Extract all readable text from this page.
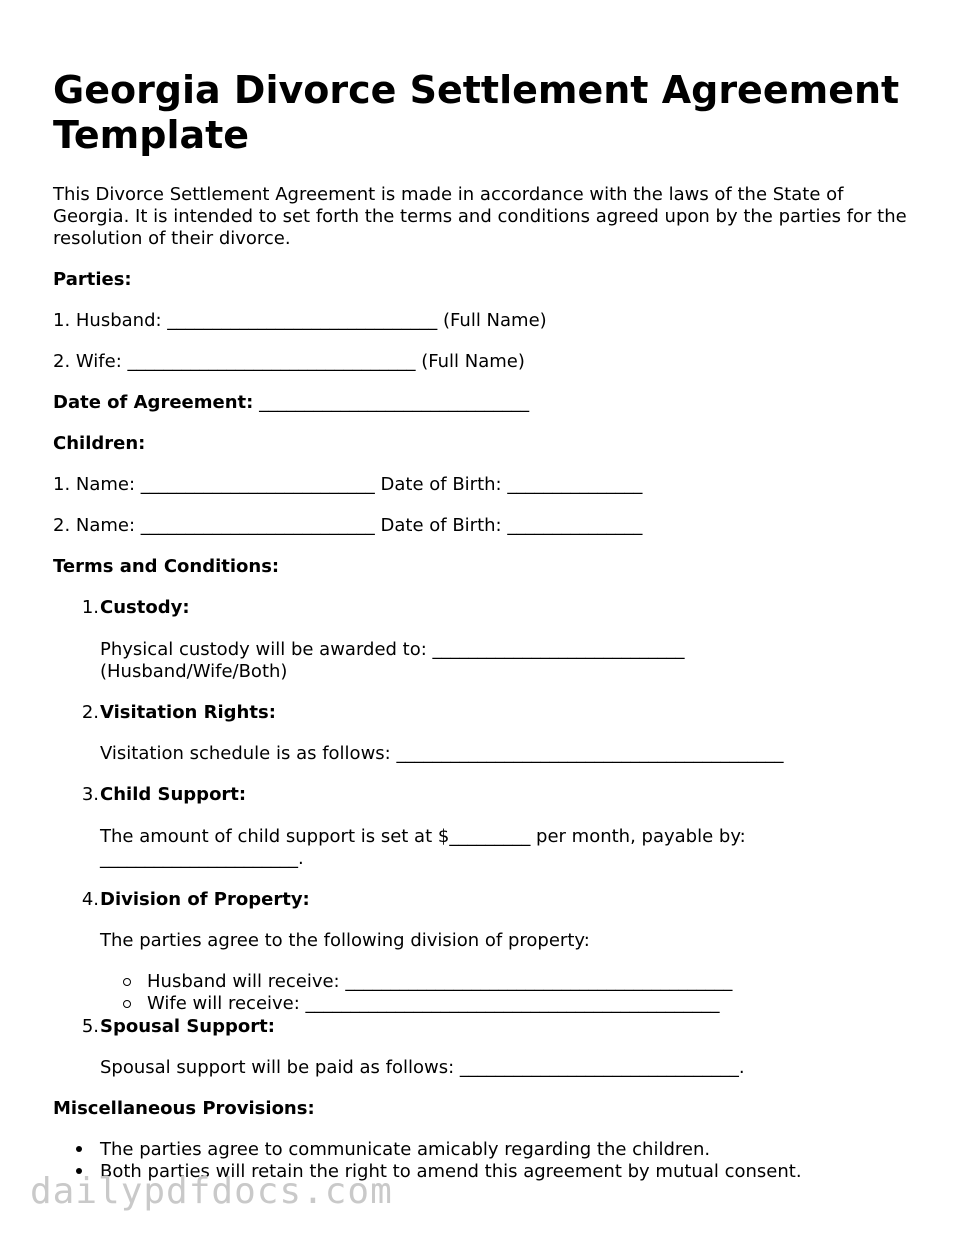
Georgia Divorce Settlement Agreement Template

This Divorce Settlement Agreement is made in accordance with the laws of the State of Georgia. It is intended to set forth the terms and conditions agreed upon by the parties for the resolution of their divorce.

Parties:

1. Husband: ______________________________ (Full Name)

2. Wife: ________________________________ (Full Name)

Date of Agreement: ______________________________

Children:

1. Name: __________________________ Date of Birth: _______________

2. Name: __________________________ Date of Birth: _______________

Terms and Conditions:

1. Custody:

Physical custody will be awarded to: ____________________________ (Husband/Wife/Both)

2. Visitation Rights:

Visitation schedule is as follows: ___________________________________________

3. Child Support:

The amount of child support is set at $_________ per month, payable by: ______________________.

4. Division of Property:

The parties agree to the following division of property:

Husband will receive: ___________________________________________

Wife will receive: ______________________________________________

5. Spousal Support:

Spousal support will be paid as follows: _______________________________.

Miscellaneous Provisions:

The parties agree to communicate amicably regarding the children.

Both parties will retain the right to amend this agreement by mutual consent.

dailypdfdocs.com
